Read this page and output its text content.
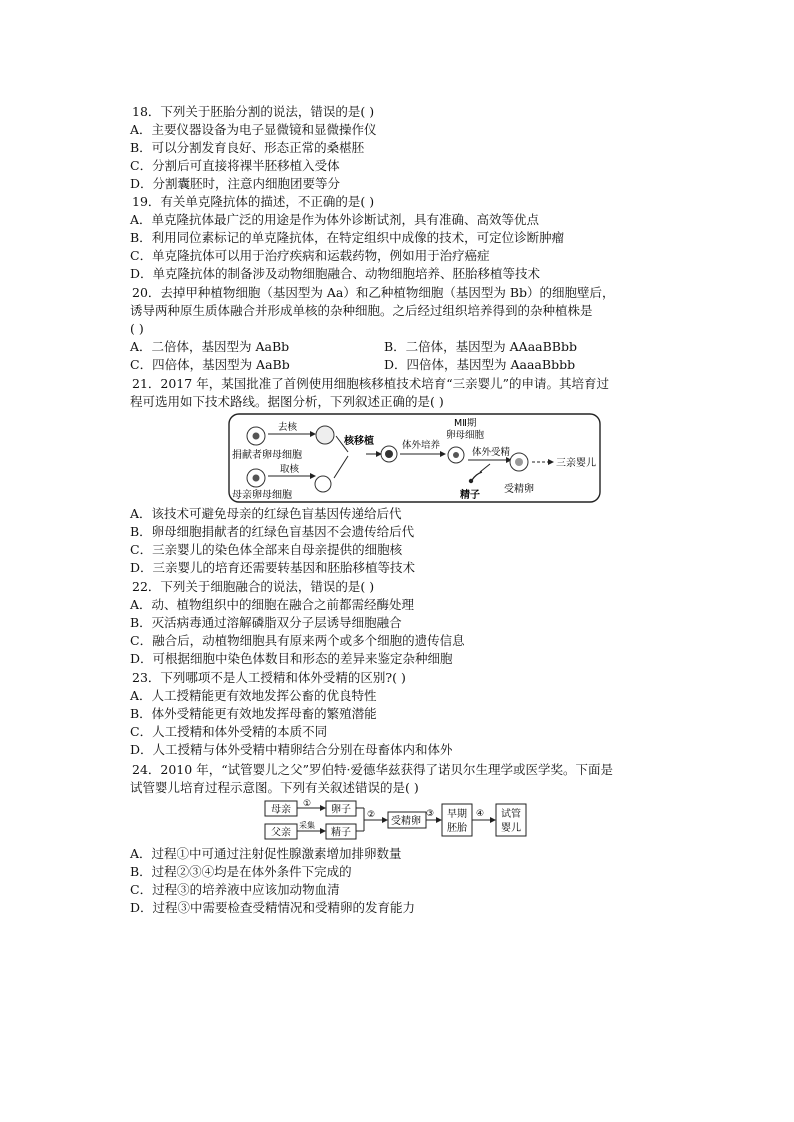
18．下列关于胚胎分割的说法，错误的是( )
A．主要仪器设备为电子显微镜和显微操作仪
B．可以分割发育良好、形态正常的桑椹胚
C．分割后可直接将裸半胚移植入受体
D．分割囊胚时，注意内细胞团要等分
19．有关单克隆抗体的描述，不正确的是( )
A．单克隆抗体最广泛的用途是作为体外诊断试剂，具有准确、高效等优点
B．利用同位素标记的单克隆抗体，在特定组织中成像的技术，可定位诊断肿瘤
C．单克隆抗体可以用于治疗疾病和运载药物，例如用于治疗癌症
D．单克隆抗体的制备涉及动物细胞融合、动物细胞培养、胚胎移植等技术
20．去掉甲种植物细胞（基因型为 Aa）和乙种植物细胞（基因型为 Bb）的细胞壁后，
诱导两种原生质体融合并形成单核的杂种细胞。之后经过组织培养得到的杂种植株是
( )
A．二倍体，基因型为 AaBb	B．二倍体，基因型为 AAaaBBbb
C．四倍体，基因型为 AaBb	D．四倍体，基因型为 AaaaBbbb
21．2017 年，某国批准了首例使用细胞核移植技术培育“三亲婴儿”的申请。其培育过
程可选用如下技术路线。据图分析，下列叙述正确的是( )
捐献者卵母细胞
去核
母亲卵母细胞
取核
核移植	体外培养
MⅡ期
卵母细胞
体外受精
精子
受精卵
三亲婴儿
A．该技术可避免母亲的红绿色盲基因传递给后代
B．卵母细胞捐献者的红绿色盲基因不会遗传给后代
C．三亲婴儿的染色体全部来自母亲提供的细胞核
D．三亲婴儿的培育还需要转基因和胚胎移植等技术
22．下列关于细胞融合的说法，错误的是( )
A．动、植物组织中的细胞在融合之前都需经酶处理
B．灭活病毒通过溶解磷脂双分子层诱导细胞融合
C．融合后，动植物细胞具有原来两个或多个细胞的遗传信息
D．可根据细胞中染色体数目和形态的差异来鉴定杂种细胞
23．下列哪项不是人工授精和体外受精的区别?( )
A．人工授精能更有效地发挥公畜的优良特性
B．体外受精能更有效地发挥母畜的繁殖潜能
C．人工授精和体外受精的本质不同
D．人工授精与体外受精中精卵结合分别在母畜体内和体外
24．2010 年，“试管婴儿之父”罗伯特·爱德华兹获得了诺贝尔生理学或医学奖。下面是
试管婴儿培育过程示意图。下列有关叙述错误的是( )
母亲
父亲
①
采集
卵子
精子
②
受精卵
③ 早期
胚胎
④ 试管
婴儿
A．过程①中可通过注射促性腺激素增加排卵数量
B．过程②③④均是在体外条件下完成的
C．过程③的培养液中应该加动物血清
D．过程③中需要检查受精情况和受精卵的发育能力
